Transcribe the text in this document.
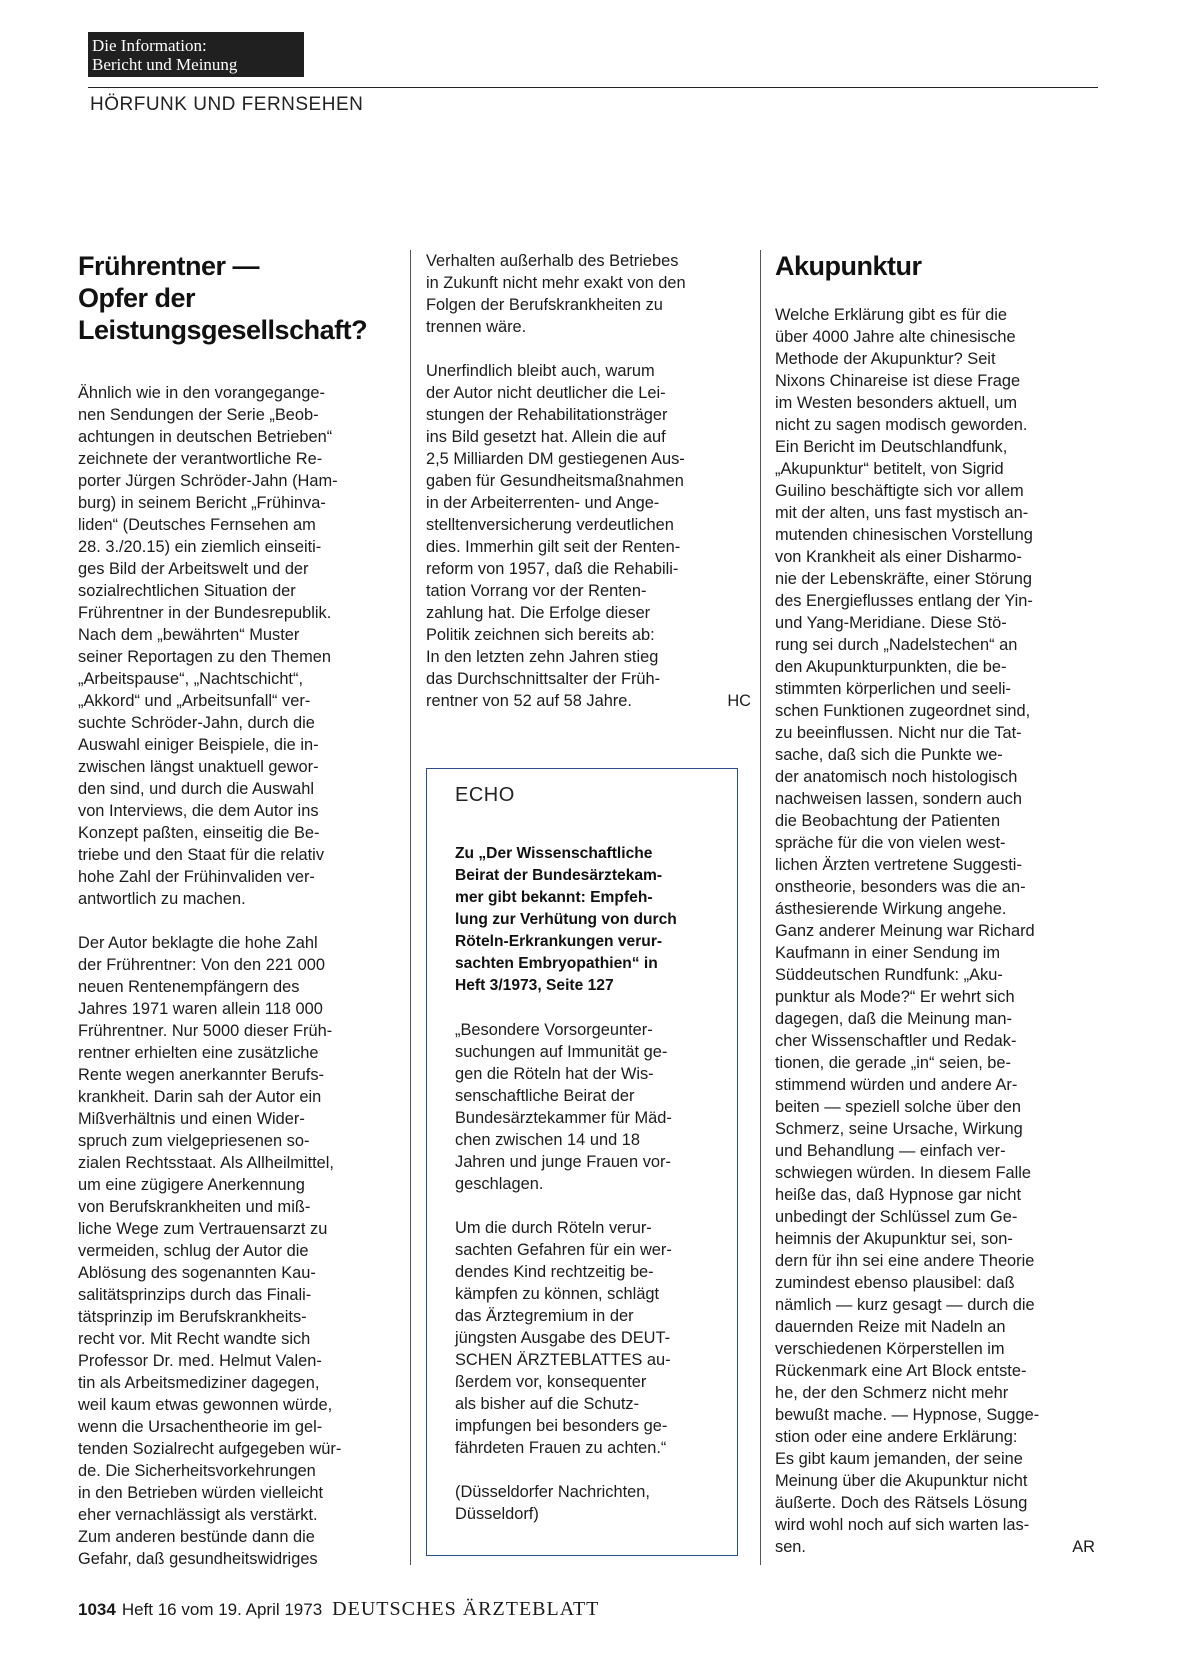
Die Information:
Bericht und Meinung
HÖRFUNK UND FERNSEHEN
Frührentner —
Opfer der
Leistungsgesellschaft?

Ähnlich wie in den vorangegange-
nen Sendungen der Serie „Beob-
achtungen in deutschen Betrieben“
zeichnete der verantwortliche Re-
porter Jürgen Schröder-Jahn (Ham-
burg) in seinem Bericht „Frühinva-
liden“ (Deutsches Fernsehen am
28. 3./20.15) ein ziemlich einseiti-
ges Bild der Arbeitswelt und der
sozialrechtlichen Situation der
Frührentner in der Bundesrepublik.
Nach dem „bewährten“ Muster
seiner Reportagen zu den Themen
„Arbeitspause“, „Nachtschicht“,
„Akkord“ und „Arbeitsunfall“ ver-
suchte Schröder-Jahn, durch die
Auswahl einiger Beispiele, die in-
zwischen längst unaktuell gewor-
den sind, und durch die Auswahl
von Interviews, die dem Autor ins
Konzept paßten, einseitig die Be-
triebe und den Staat für die relativ
hohe Zahl der Frühinvaliden ver-
antwortlich zu machen.

Der Autor beklagte die hohe Zahl
der Frührentner: Von den 221 000
neuen Rentenempfängern des
Jahres 1971 waren allein 118 000
Frührentner. Nur 5000 dieser Früh-
rentner erhielten eine zusätzliche
Rente wegen anerkannter Berufs-
krankheit. Darin sah der Autor ein
Mißverhältnis und einen Wider-
spruch zum vielgepriesenen so-
zialen Rechtsstaat. Als Allheilmittel,
um eine zügigere Anerkennung
von Berufskrankheiten und miß-
liche Wege zum Vertrauensarzt zu
vermeiden, schlug der Autor die
Ablösung des sogenannten Kau-
salitätsprinzips durch das Finali-
tätsprinzip im Berufskrankheits-
recht vor. Mit Recht wandte sich
Professor Dr. med. Helmut Valen-
tin als Arbeitsmediziner dagegen,
weil kaum etwas gewonnen würde,
wenn die Ursachentheorie im gel-
tenden Sozialrecht aufgegeben wür-
de. Die Sicherheitsvorkehrungen
in den Betrieben würden vielleicht
eher vernachlässigt als verstärkt.
Zum anderen bestünde dann die
Gefahr, daß gesundheitswidriges

Verhalten außerhalb des Betriebes
in Zukunft nicht mehr exakt von den
Folgen der Berufskrankheiten zu
trennen wäre.

Unerfindlich bleibt auch, warum
der Autor nicht deutlicher die Lei-
stungen der Rehabilitationsträger
ins Bild gesetzt hat. Allein die auf
2,5 Milliarden DM gestiegenen Aus-
gaben für Gesundheitsmaßnahmen
in der Arbeiterrenten- und Ange-
stelltenversicherung verdeutlichen
dies. Immerhin gilt seit der Renten-
reform von 1957, daß die Rehabili-
tation Vorrang vor der Renten-
zahlung hat. Die Erfolge dieser
Politik zeichnen sich bereits ab:
In den letzten zehn Jahren stieg
das Durchschnittsalter der Früh-

rentner von 52 auf 58 Jahre.	HC
ECHO

Zu „Der Wissenschaftliche
Beirat der Bundesärztekam-
mer gibt bekannt: Empfeh-
lung zur Verhütung von durch
Röteln-Erkrankungen verur-
sachten Embryopathien“ in
Heft 3/1973, Seite 127

„Besondere Vorsorgeunter-
suchungen auf Immunität ge-
gen die Röteln hat der Wis-
senschaftliche Beirat der
Bundesärztekammer für Mäd-
chen zwischen 14 und 18
Jahren und junge Frauen vor-
geschlagen.

Um die durch Röteln verur-
sachten Gefahren für ein wer-
dendes Kind rechtzeitig be-
kämpfen zu können, schlägt
das Ärztegremium in der
jüngsten Ausgabe des DEUT-
SCHEN ÄRZTEBLATTES au-
ßerdem vor, konsequenter
als bisher auf die Schutz-
impfungen bei besonders ge-
fährdeten Frauen zu achten.“

(Düsseldorfer Nachrichten,
Düsseldorf)

Akupunktur

Welche Erklärung gibt es für die
über 4000 Jahre alte chinesische
Methode der Akupunktur? Seit
Nixons Chinareise ist diese Frage
im Westen besonders aktuell, um
nicht zu sagen modisch geworden.
Ein Bericht im Deutschlandfunk,
„Akupunktur“ betitelt, von Sigrid
Guilino beschäftigte sich vor allem
mit der alten, uns fast mystisch an-
mutenden chinesischen Vorstellung
von Krankheit als einer Disharmo-
nie der Lebenskräfte, einer Störung
des Energieflusses entlang der Yin-
und Yang-Meridiane. Diese Stö-
rung sei durch „Nadelstechen“ an
den Akupunkturpunkten, die be-
stimmten körperlichen und seeli-
schen Funktionen zugeordnet sind,
zu beeinflussen. Nicht nur die Tat-
sache, daß sich die Punkte we-
der anatomisch noch histologisch
nachweisen lassen, sondern auch
die Beobachtung der Patienten
spräche für die von vielen west-
lichen Ärzten vertretene Suggesti-
onstheorie, besonders was die an-
ásthesierende Wirkung angehe.
Ganz anderer Meinung war Richard
Kaufmann in einer Sendung im
Süddeutschen Rundfunk: „Aku-
punktur als Mode?“ Er wehrt sich
dagegen, daß die Meinung man-
cher Wissenschaftler und Redak-
tionen, die gerade „in“ seien, be-
stimmend würden und andere Ar-
beiten — speziell solche über den
Schmerz, seine Ursache, Wirkung
und Behandlung — einfach ver-
schwiegen würden. In diesem Falle
heiße das, daß Hypnose gar nicht
unbedingt der Schlüssel zum Ge-
heimnis der Akupunktur sei, son-
dern für ihn sei eine andere Theorie
zumindest ebenso plausibel: daß
nämlich — kurz gesagt — durch die
dauernden Reize mit Nadeln an
verschiedenen Körperstellen im
Rückenmark eine Art Block entste-
he, der den Schmerz nicht mehr
bewußt mache. — Hypnose, Sugge-
stion oder eine andere Erklärung:
Es gibt kaum jemanden, der seine
Meinung über die Akupunktur nicht
äußerte. Doch des Rätsels Lösung
wird wohl noch auf sich warten las-

sen.	AR
1034 Heft 16 vom 19. April 1973 DEUTSCHES ÄRZTEBLATT
